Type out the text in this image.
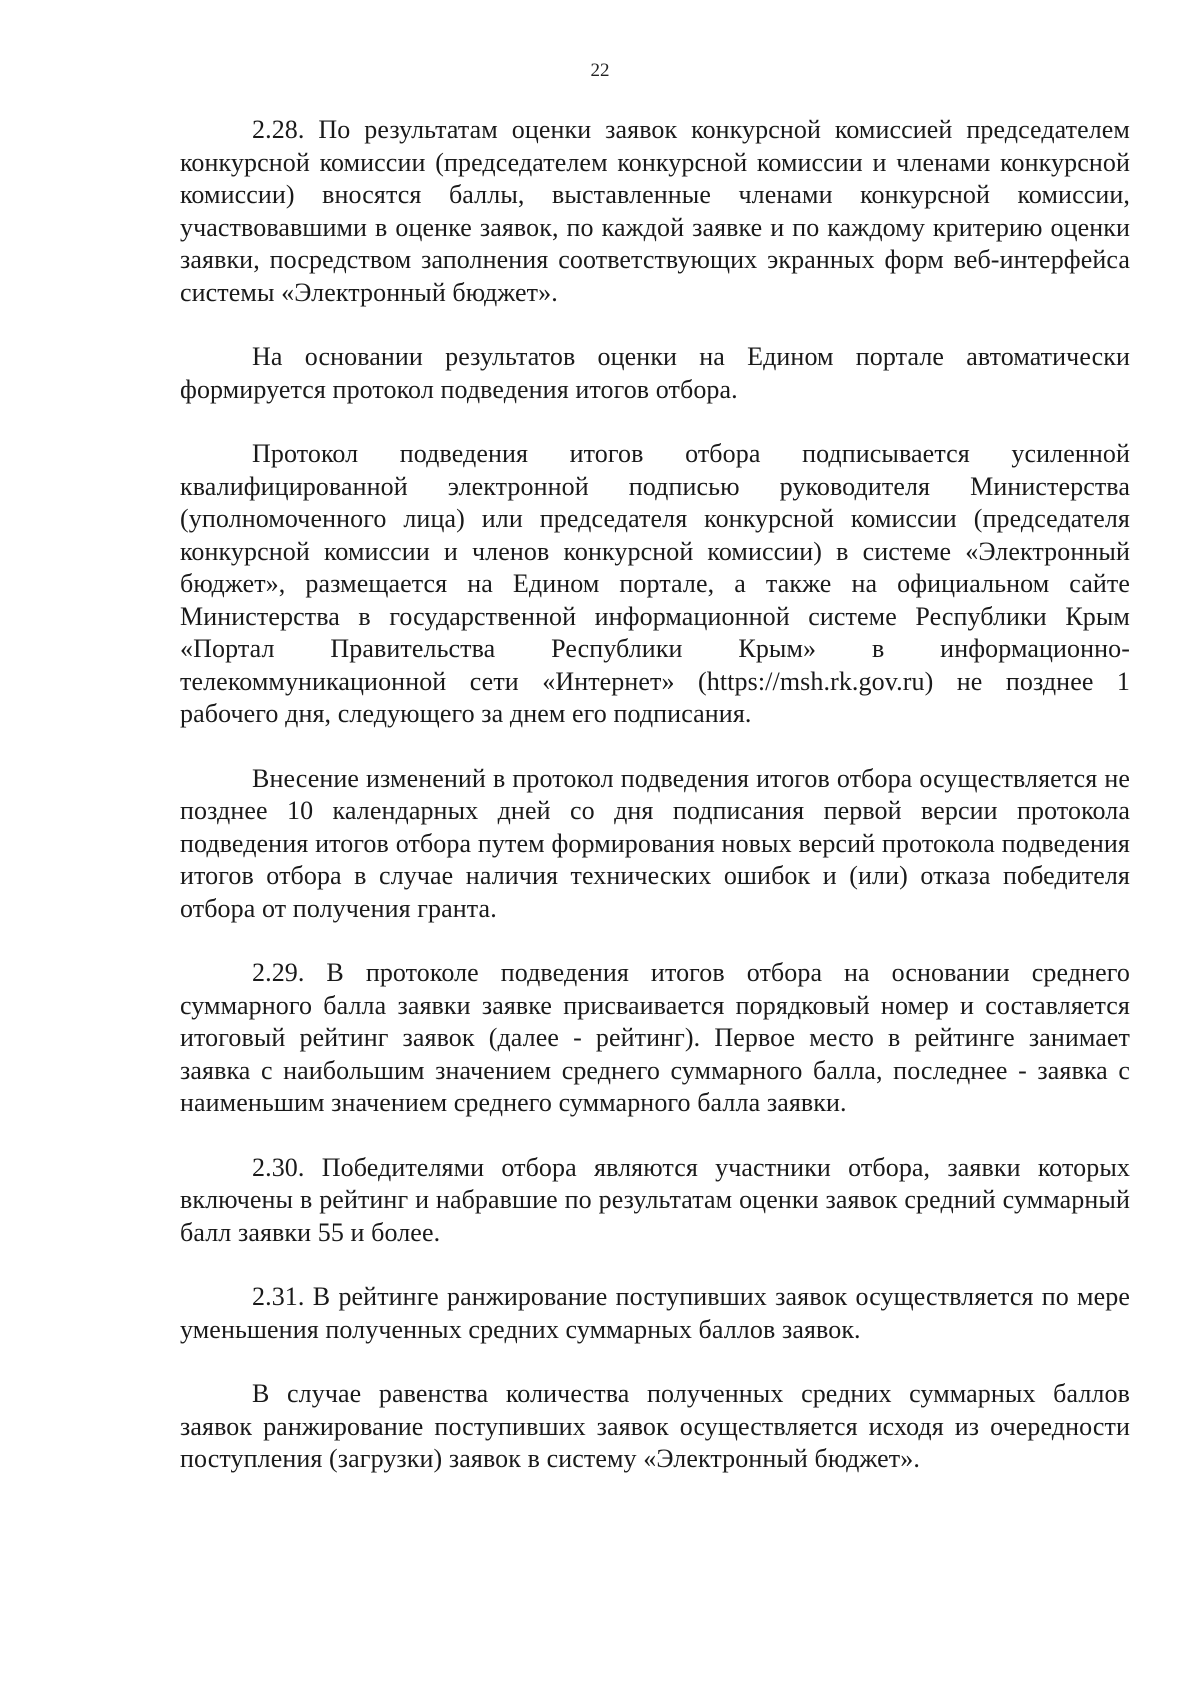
22

2.28. По результатам оценки заявок конкурсной комиссией председателем конкурсной комиссии (председателем конкурсной комиссии и членами конкурсной комиссии) вносятся баллы, выставленные членами конкурсной комиссии, участвовавшими в оценке заявок, по каждой заявке и по каждому критерию оценки заявки, посредством заполнения соответствующих экранных форм веб-интерфейса системы «Электронный бюджет».

На основании результатов оценки на Едином портале автоматически формируется протокол подведения итогов отбора.

Протокол подведения итогов отбора подписывается усиленной квалифицированной электронной подписью руководителя Министерства (уполномоченного лица) или председателя конкурсной комиссии (председателя конкурсной комиссии и членов конкурсной комиссии) в системе «Электронный бюджет», размещается на Едином портале, а также на официальном сайте Министерства в государственной информационной системе Республики Крым «Портал Правительства Республики Крым» в информационно-телекоммуникационной сети «Интернет» (https://msh.rk.gov.ru) не позднее 1 рабочего дня, следующего за днем его подписания.

Внесение изменений в протокол подведения итогов отбора осуществляется не позднее 10 календарных дней со дня подписания первой версии протокола подведения итогов отбора путем формирования новых версий протокола подведения итогов отбора в случае наличия технических ошибок и (или) отказа победителя отбора от получения гранта.

2.29. В протоколе подведения итогов отбора на основании среднего суммарного балла заявки заявке присваивается порядковый номер и составляется итоговый рейтинг заявок (далее - рейтинг). Первое место в рейтинге занимает заявка с наибольшим значением среднего суммарного балла, последнее - заявка с наименьшим значением среднего суммарного балла заявки.

2.30. Победителями отбора являются участники отбора, заявки которых включены в рейтинг и набравшие по результатам оценки заявок средний суммарный балл заявки 55 и более.

2.31. В рейтинге ранжирование поступивших заявок осуществляется по мере уменьшения полученных средних суммарных баллов заявок.

В случае равенства количества полученных средних суммарных баллов заявок ранжирование поступивших заявок осуществляется исходя из очередности поступления (загрузки) заявок в систему «Электронный бюджет».
